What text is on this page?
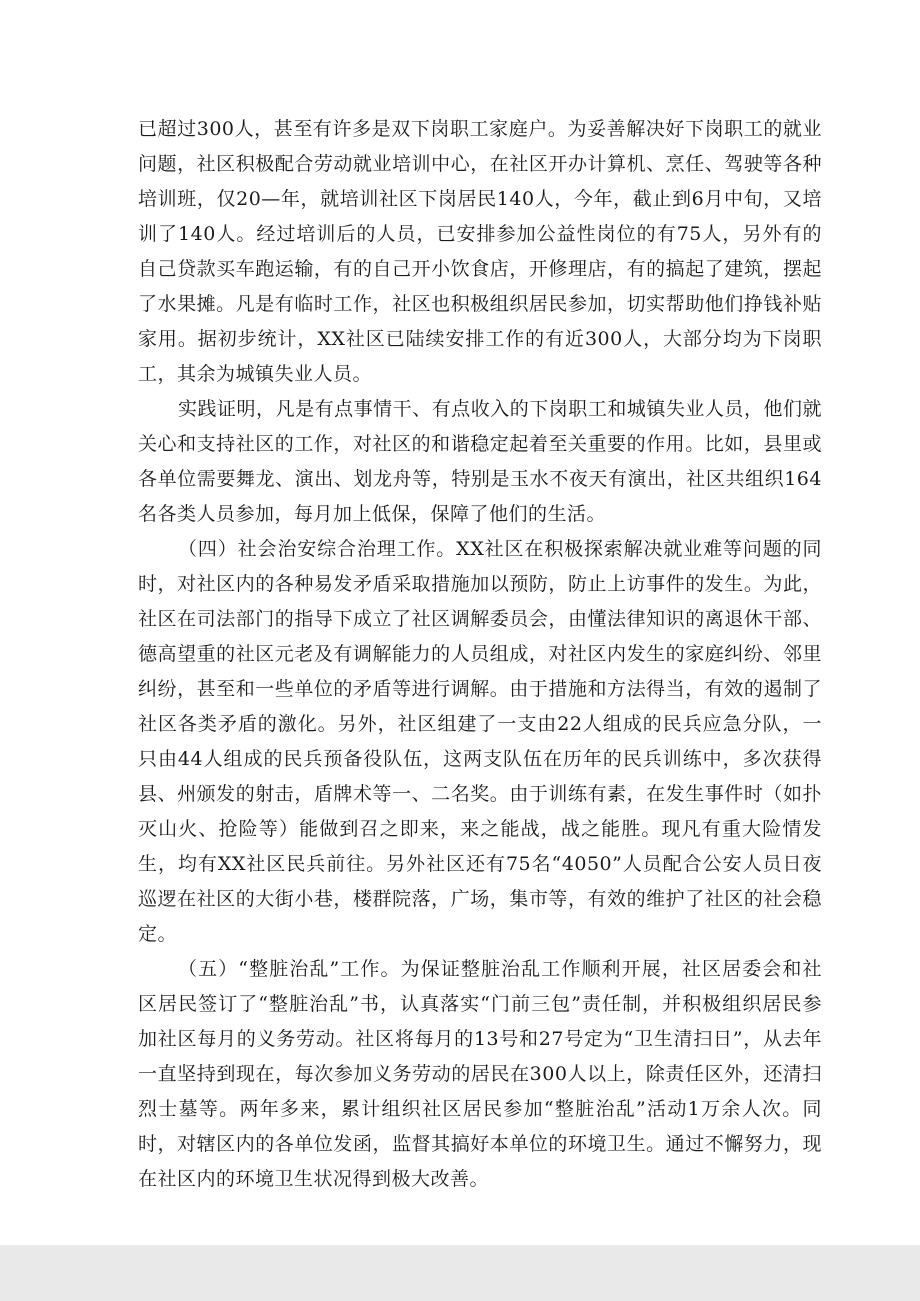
已超过300人，甚至有许多是双下岗职工家庭户。为妥善解决好下岗职工的就业问题，社区积极配合劳动就业培训中心，在社区开办计算机、烹任、驾驶等各种培训班，仅20—年，就培训社区下岗居民140人，今年，截止到6月中旬，又培训了140人。经过培训后的人员，已安排参加公益性岗位的有75人，另外有的自己贷款买车跑运输，有的自己开小饮食店，开修理店，有的搞起了建筑，摆起了水果摊。凡是有临时工作，社区也积极组织居民参加，切实帮助他们挣钱补贴家用。据初步统计，XX社区已陆续安排工作的有近300人，大部分均为下岗职工，其余为城镇失业人员。

实践证明，凡是有点事情干、有点收入的下岗职工和城镇失业人员，他们就关心和支持社区的工作，对社区的和谐稳定起着至关重要的作用。比如，县里或各单位需要舞龙、演出、划龙舟等，特别是玉水不夜天有演出，社区共组织164名各类人员参加，每月加上低保，保障了他们的生活。

（四）社会治安综合治理工作。XX社区在积极探索解决就业难等问题的同时，对社区内的各种易发矛盾采取措施加以预防，防止上访事件的发生。为此，社区在司法部门的指导下成立了社区调解委员会，由懂法律知识的离退休干部、德高望重的社区元老及有调解能力的人员组成，对社区内发生的家庭纠纷、邻里纠纷，甚至和一些单位的矛盾等进行调解。由于措施和方法得当，有效的遏制了社区各类矛盾的激化。另外，社区组建了一支由22人组成的民兵应急分队，一只由44人组成的民兵预备役队伍，这两支队伍在历年的民兵训练中，多次获得县、州颁发的射击，盾牌术等一、二名奖。由于训练有素，在发生事件时（如扑灭山火、抢险等）能做到召之即来，来之能战，战之能胜。现凡有重大险情发生，均有XX社区民兵前往。另外社区还有75名“4050”人员配合公安人员日夜巡逻在社区的大街小巷，楼群院落，广场，集市等，有效的维护了社区的社会稳定。

（五）“整脏治乱”工作。为保证整脏治乱工作顺利开展，社区居委会和社区居民签订了“整脏治乱”书，认真落实“门前三包”责任制，并积极组织居民参加社区每月的义务劳动。社区将每月的13号和27号定为“卫生清扫日”，从去年一直坚持到现在，每次参加义务劳动的居民在300人以上，除责任区外，还清扫烈士墓等。两年多来，累计组织社区居民参加“整脏治乱”活动1万余人次。同时，对辖区内的各单位发函，监督其搞好本单位的环境卫生。通过不懈努力，现在社区内的环境卫生状况得到极大改善。
